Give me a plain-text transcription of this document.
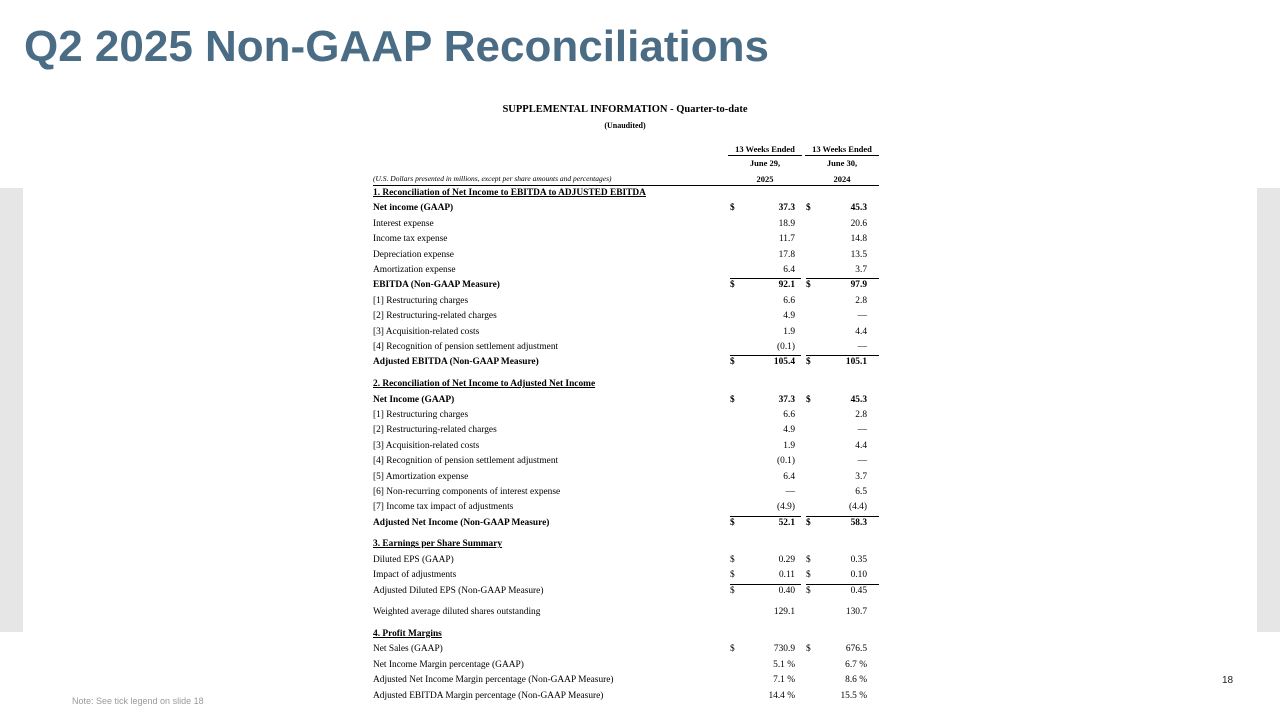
Q2 2025 Non-GAAP Reconciliations
SUPPLEMENTAL INFORMATION - Quarter-to-date
(Unaudited)
13 Weeks Ended	13 Weeks Ended
June 29,	June 30,
2025	2024
(U.S. Dollars presented in millions, except per share amounts and percentages)
1. Reconciliation of Net Income to EBITDA to ADJUSTED EBITDA
Net income (GAAP)	$	37.3 $	45.3
Interest expense	18.9	20.6
Income tax expense	11.7	14.8
Depreciation expense	17.8	13.5
Amortization expense	6.4	3.7
EBITDA (Non-GAAP Measure)	$	92.1 $	97.9
[1] Restructuring charges	6.6	2.8
[2] Restructuring-related charges	4.9	—
[3] Acquisition-related costs	1.9	4.4
[4] Recognition of pension settlement adjustment	(0.1)	—
Adjusted EBITDA (Non-GAAP Measure)	$	105.4 $	105.1
2. Reconciliation of Net Income to Adjusted Net Income
Net Income (GAAP)	$	37.3 $	45.3
[1] Restructuring charges	6.6	2.8
[2] Restructuring-related charges	4.9	—
[3] Acquisition-related costs	1.9	4.4
[4] Recognition of pension settlement adjustment	(0.1)	—
[5] Amortization expense	6.4	3.7
[6] Non-recurring components of interest expense	—	6.5
[7] Income tax impact of adjustments	(4.9)	(4.4)
Adjusted Net Income (Non-GAAP Measure)	$	52.1 $	58.3
3. Earnings per Share Summary
Diluted EPS (GAAP)	$	0.29 $	0.35
Impact of adjustments	$	0.11 $	0.10
Adjusted Diluted EPS (Non-GAAP Measure)	$	0.40 $	0.45
Weighted average diluted shares outstanding	129.1	130.7
4. Profit Margins
Net Sales (GAAP)	$	730.9 $	676.5
Net Income Margin percentage (GAAP)	5.1 %	6.7 %
Adjusted Net Income Margin percentage (Non-GAAP Measure)	7.1 %	8.6 %
Adjusted EBITDA Margin percentage (Non-GAAP Measure)	14.4 %	15.5 %
18
Note: See tick legend on slide 18
